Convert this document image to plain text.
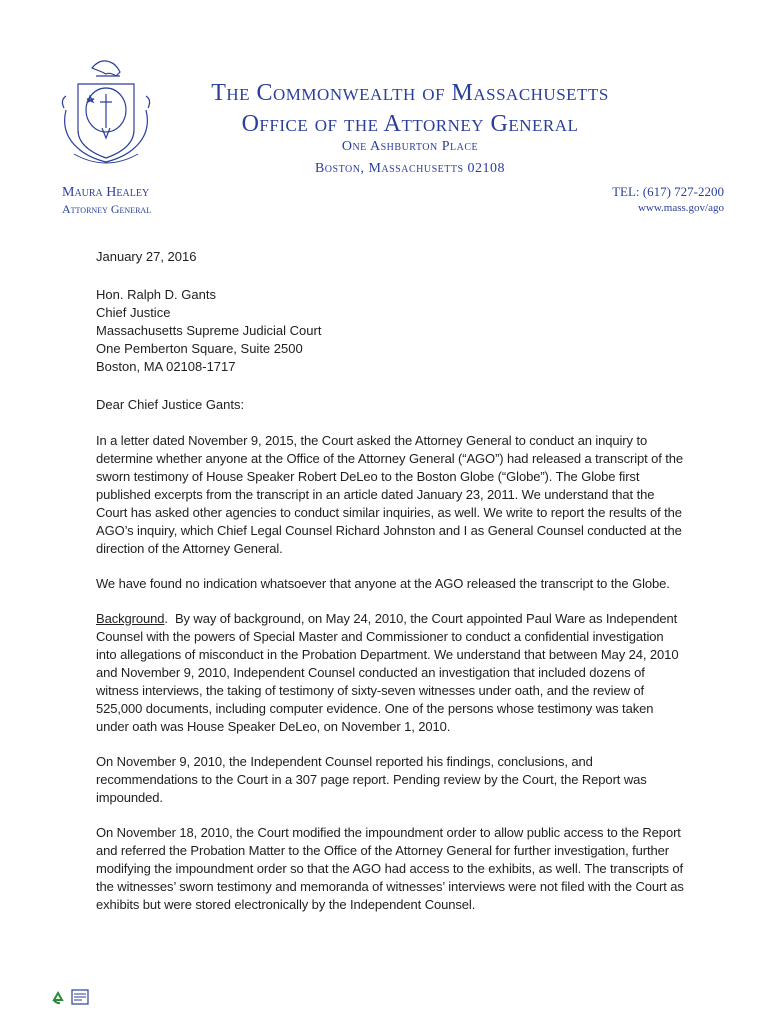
The Commonwealth of Massachusetts
Office of the Attorney General
One Ashburton Place
Boston, Massachusetts 02108
Maura Healey
Attorney General
TEL: (617) 727-2200
www.mass.gov/ago

January 27, 2016

Hon. Ralph D. Gants
Chief Justice
Massachusetts Supreme Judicial Court
One Pemberton Square, Suite 2500
Boston, MA 02108-1717

Dear Chief Justice Gants:

In a letter dated November 9, 2015, the Court asked the Attorney General to conduct an inquiry to determine whether anyone at the Office of the Attorney General (“AGO”) had released a transcript of the sworn testimony of House Speaker Robert DeLeo to the Boston Globe (“Globe”). The Globe first published excerpts from the transcript in an article dated January 23, 2011. We understand that the Court has asked other agencies to conduct similar inquiries, as well. We write to report the results of the AGO’s inquiry, which Chief Legal Counsel Richard Johnston and I as General Counsel conducted at the direction of the Attorney General.

We have found no indication whatsoever that anyone at the AGO released the transcript to the Globe.

Background.  By way of background, on May 24, 2010, the Court appointed Paul Ware as Independent Counsel with the powers of Special Master and Commissioner to conduct a confidential investigation into allegations of misconduct in the Probation Department. We understand that between May 24, 2010 and November 9, 2010, Independent Counsel conducted an investigation that included dozens of witness interviews, the taking of testimony of sixty-seven witnesses under oath, and the review of 525,000 documents, including computer evidence. One of the persons whose testimony was taken under oath was House Speaker DeLeo, on November 1, 2010.

On November 9, 2010, the Independent Counsel reported his findings, conclusions, and recommendations to the Court in a 307 page report. Pending review by the Court, the Report was impounded.

On November 18, 2010, the Court modified the impoundment order to allow public access to the Report and referred the Probation Matter to the Office of the Attorney General for further investigation, further modifying the impoundment order so that the AGO had access to the exhibits, as well. The transcripts of the witnesses’ sworn testimony and memoranda of witnesses’ interviews were not filed with the Court as exhibits but were stored electronically by the Independent Counsel.
